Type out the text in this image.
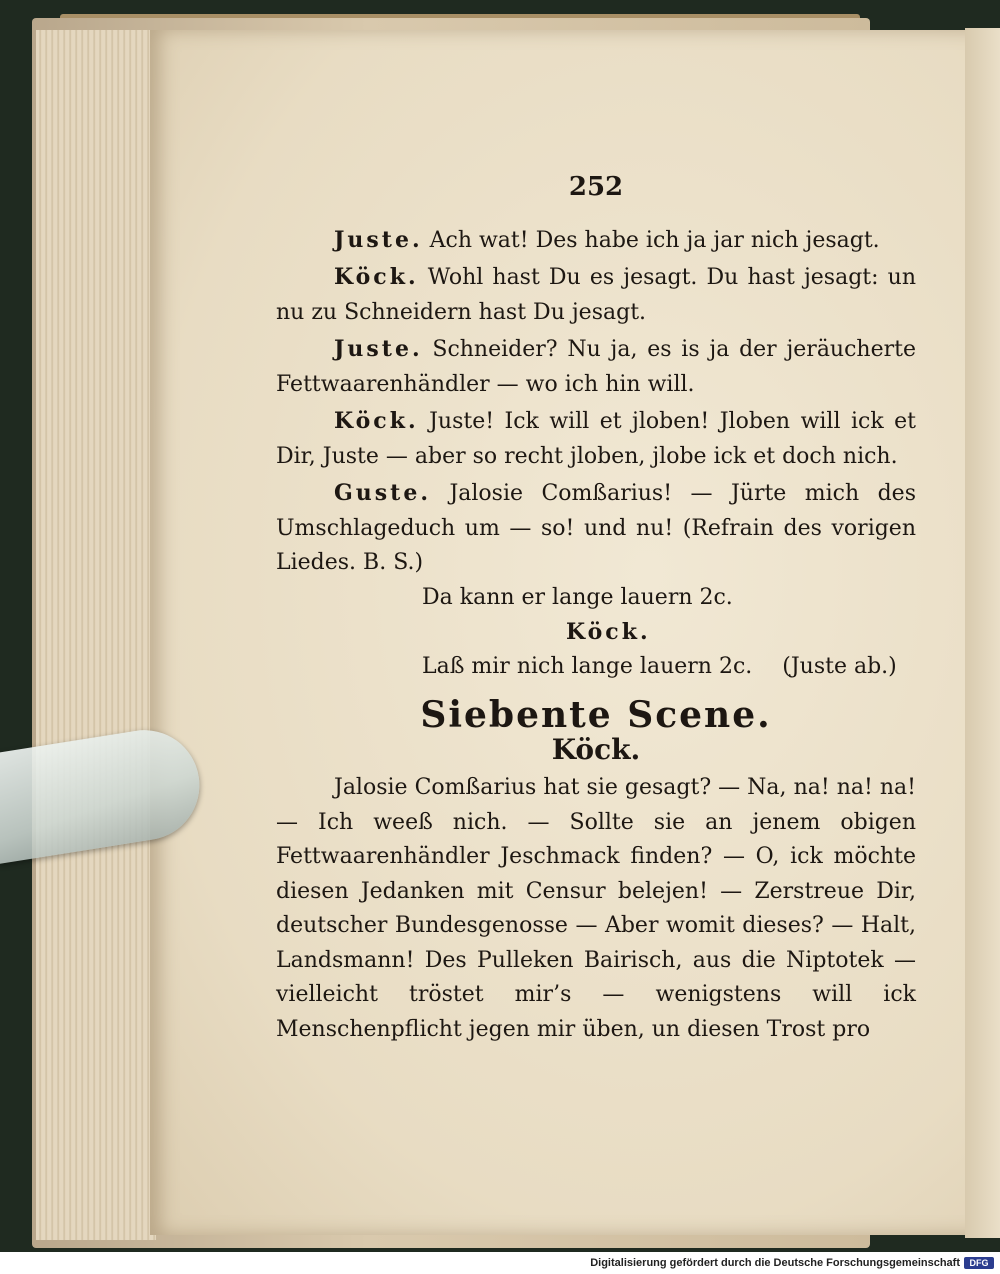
252

Juste. Ach wat! Des habe ich ja jar nich jesagt.

Köck. Wohl hast Du es jesagt. Du hast jesagt: un nu zu Schneidern hast Du jesagt.

Juste. Schneider? Nu ja, es is ja der jeräucherte Fettwaarenhändler — wo ich hin will.

Köck. Juste! Ick will et jloben! Jloben will ick et Dir, Juste — aber so recht jloben, jlobe ick et doch nich.

Guste. Jalosie Comßarius! — Jürte mich des Umschlageduch um — so! und nu! (Refrain des vorigen Liedes. B. S.)

Da kann er lange lauern 2c.

Köck.

Laß mir nich lange lauern 2c. (Juste ab.)

Siebente Scene.
Köck.

Jalosie Comßarius hat sie gesagt? — Na, na! na! na! — Ich weeß nich. — Sollte sie an jenem obigen Fettwaarenhändler Jeschmack finden? — O, ick möchte diesen Jedanken mit Censur belejen! — Zerstreue Dir, deutscher Bundesgenosse — Aber womit dieses? — Halt, Landsmann! Des Pulleken Bairisch, aus die Niptotek — vielleicht tröstet mir’s — wenigstens will ick Menschenpflicht jegen mir üben, un diesen Trost pro

Digitalisierung gefördert durch die Deutsche Forschungsgemeinschaft	DFG
